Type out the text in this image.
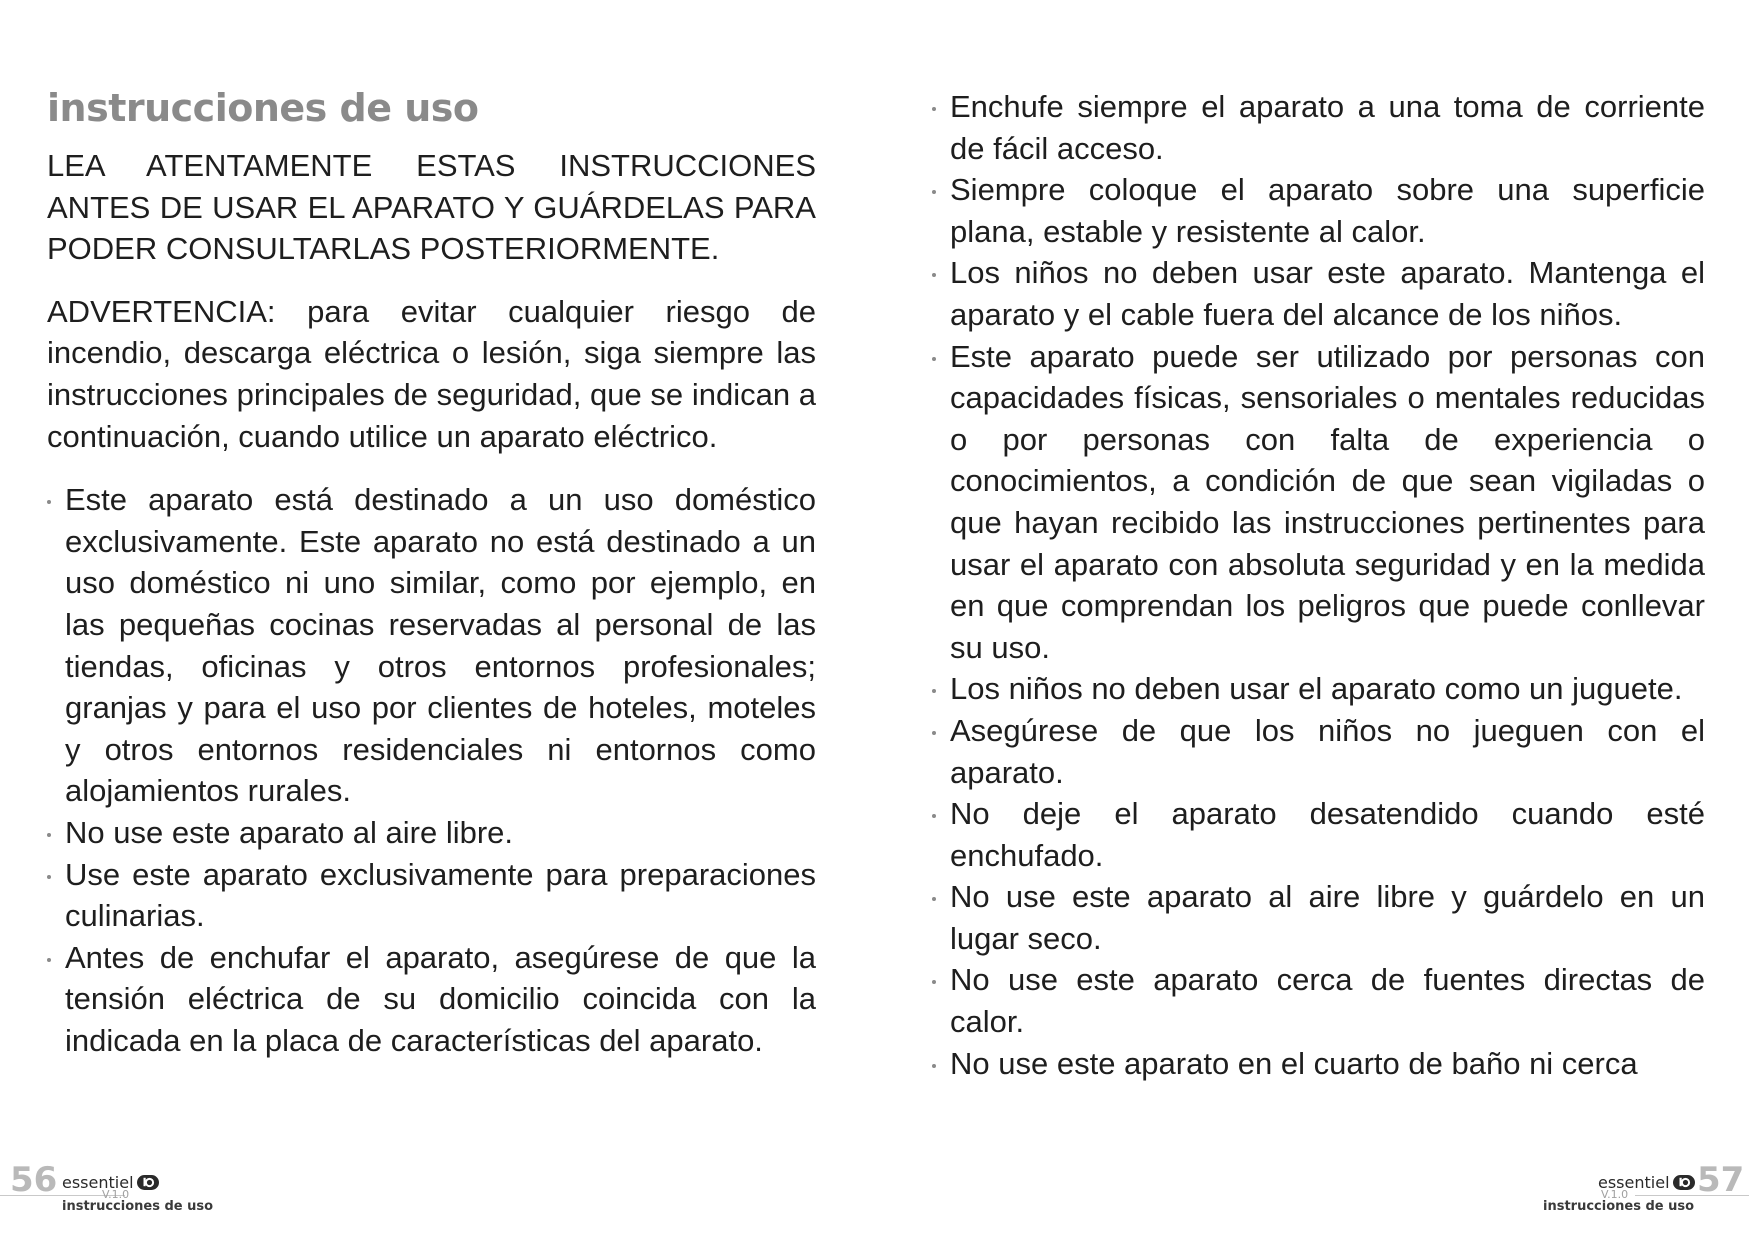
instrucciones de uso

LEA ATENTAMENTE ESTAS INSTRUCCIONES ANTES DE USAR EL APARATO Y GUÁRDELAS PARA PODER CONSULTARLAS POSTERIORMENTE.

ADVERTENCIA: para evitar cualquier riesgo de incendio, descarga eléctrica o lesión, siga siempre las instrucciones principales de seguridad, que se indican a continuación, cuando utilice un aparato eléctrico.

Este aparato está destinado a un uso doméstico exclusivamente. Este aparato no está destinado a un uso doméstico ni uno similar, como por ejemplo, en las pequeñas cocinas reservadas al personal de las tiendas, oficinas y otros entornos profesionales; granjas y para el uso por clientes de hoteles, moteles y otros entornos residenciales ni entornos como alojamientos rurales.
No use este aparato al aire libre.
Use este aparato exclusivamente para preparaciones culinarias.
Antes de enchufar el aparato, asegúrese de que la tensión eléctrica de su domicilio coincida con la indicada en la placa de características del aparato.
56 essentiel
V.1.0
instrucciones de uso
Enchufe siempre el aparato a una toma de corriente de fácil acceso.
Siempre coloque el aparato sobre una superficie plana, estable y resistente al calor.
Los niños no deben usar este aparato. Mantenga el aparato y el cable fuera del alcance de los niños.
Este aparato puede ser utilizado por personas con capacidades físicas, sensoriales o mentales reducidas o por personas con falta de experiencia o conocimientos, a condición de que sean vigiladas o que hayan recibido las instrucciones pertinentes para usar el aparato con absoluta seguridad y en la medida en que comprendan los peligros que puede conllevar su uso.
Los niños no deben usar el aparato como un juguete.
Asegúrese de que los niños no jueguen con el aparato.
No deje el aparato desatendido cuando esté enchufado.
No use este aparato al aire libre y guárdelo en un lugar seco.
No use este aparato cerca de fuentes directas de calor.
No use este aparato en el cuarto de baño ni cerca
57
essentiel
V.1.0
instrucciones de uso
